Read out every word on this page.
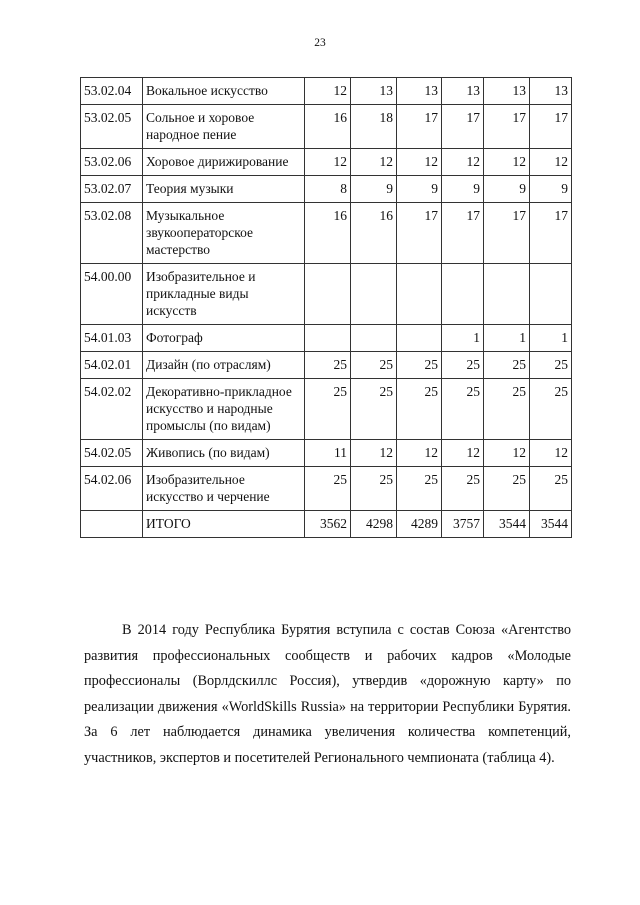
23
53.02.04	Вокальное искусство	12	13	13	13	13	13
53.02.05	Сольное и хоровое народное пение	16	18	17	17	17	17
53.02.06	Хоровое дирижирование	12	12	12	12	12	12
53.02.07	Теория музыки	8	9	9	9	9	9
53.02.08	Музыкальное звукооператорское мастерство	16	16	17	17	17	17
54.00.00	Изобразительное и прикладные виды искусств						
54.01.03	Фотограф				1	1	1
54.02.01	Дизайн (по отраслям)	25	25	25	25	25	25
54.02.02	Декоративно-прикладное искусство и народные промыслы (по видам)	25	25	25	25	25	25
54.02.05	Живопись (по видам)	11	12	12	12	12	12
54.02.06	Изобразительное искусство и черчение	25	25	25	25	25	25
	ИТОГО	3562	4298	4289	3757	3544	3544

В 2014 году Республика Бурятия вступила с состав Союза «Агентство развития профессиональных сообществ и рабочих кадров «Молодые профессионалы (Ворлдскиллс Россия), утвердив «дорожную карту» по реализации движения «WorldSkills Russia» на территории Республики Бурятия. За 6 лет наблюдается динамика увеличения количества компетенций, участников, экспертов и посетителей Регионального чемпионата (таблица 4).
